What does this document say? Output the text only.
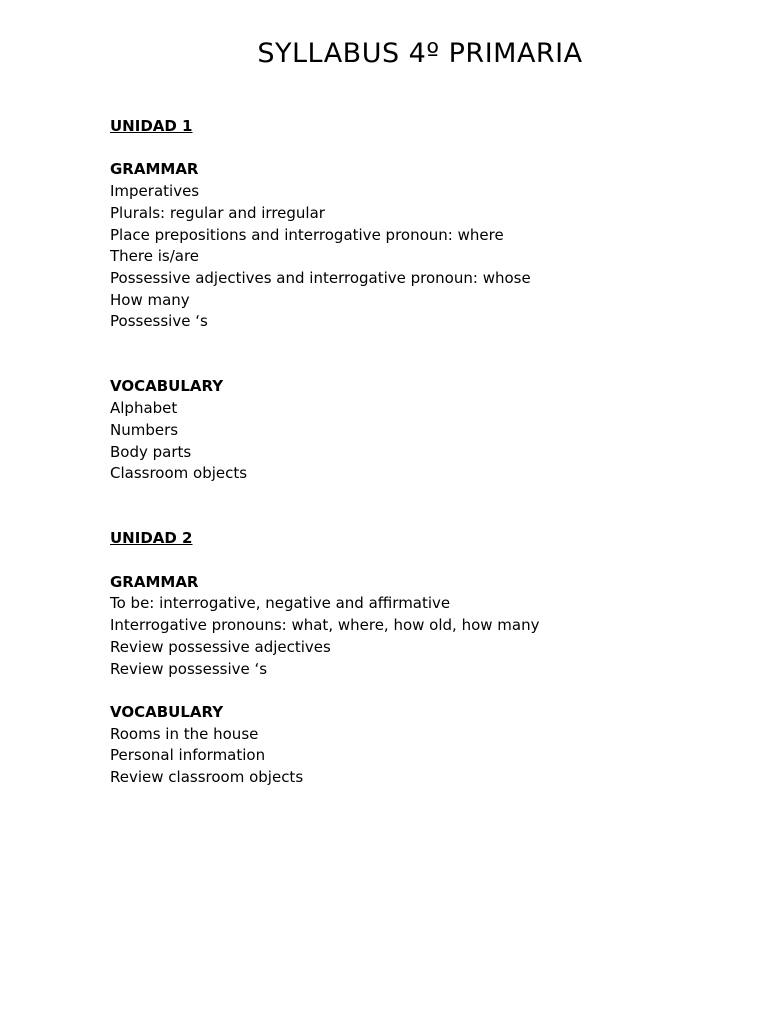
SYLLABUS 4º PRIMARIA

UNIDAD 1

GRAMMAR

Imperatives

Plurals: regular and irregular

Place prepositions and interrogative pronoun: where

There is/are

Possessive adjectives and interrogative pronoun: whose

How many

Possessive ‘s

VOCABULARY

Alphabet

Numbers

Body parts

Classroom objects

UNIDAD 2

GRAMMAR

To be: interrogative, negative and affirmative

Interrogative pronouns: what, where, how old, how many

Review possessive adjectives

Review possessive ‘s

VOCABULARY

Rooms in the house

Personal information

Review classroom objects
